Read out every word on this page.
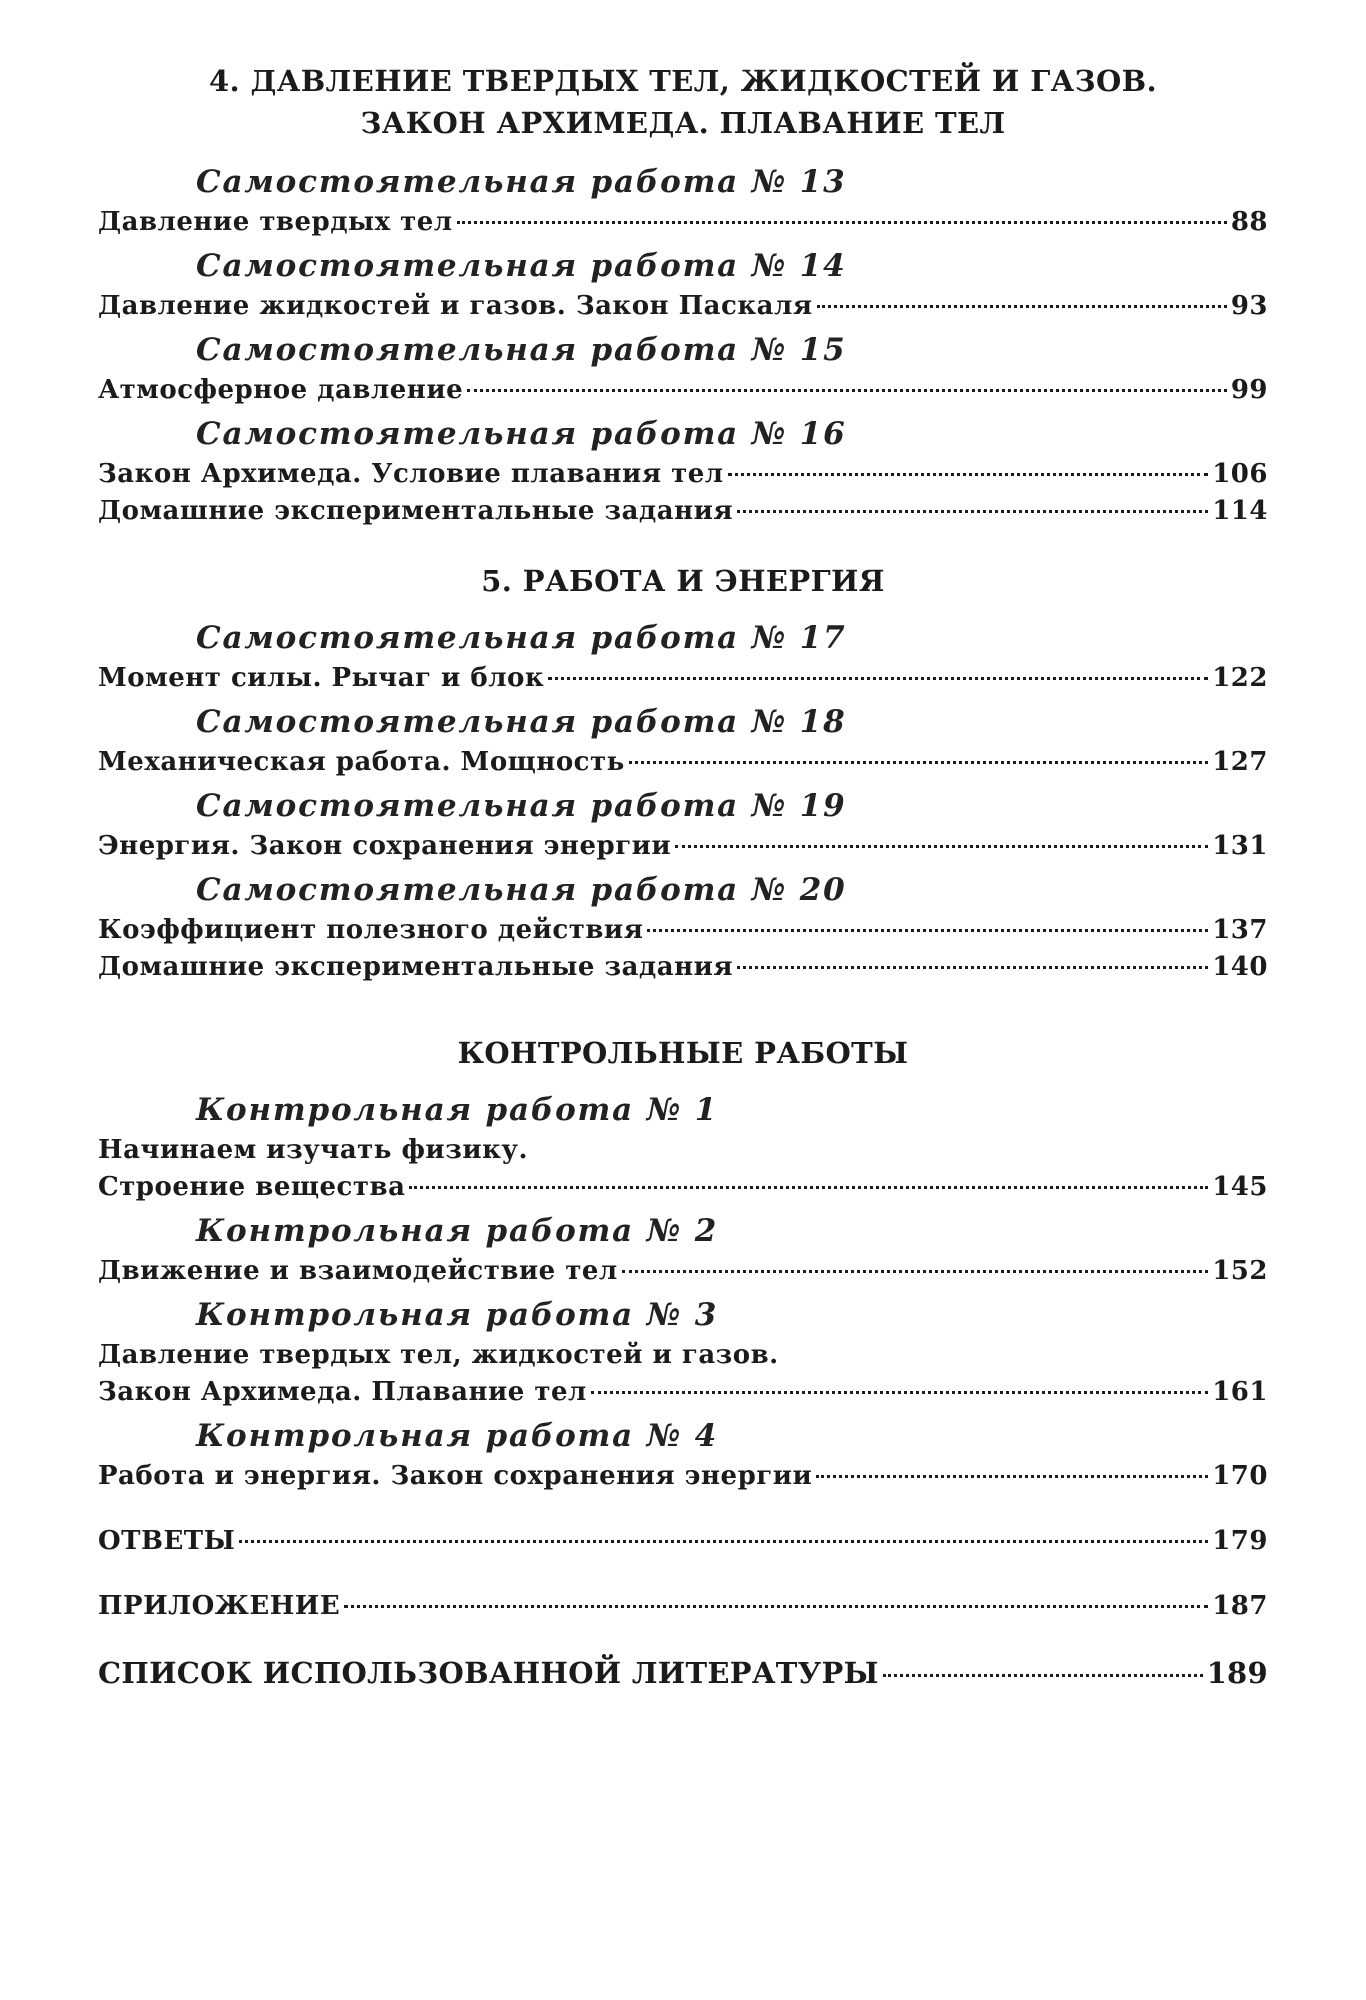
4. ДАВЛЕНИЕ ТВЕРДЫХ ТЕЛ, ЖИДКОСТЕЙ И ГАЗОВ.
ЗАКОН АРХИМЕДА. ПЛАВАНИЕ ТЕЛ
Самостоятельная работа № 13
Давление твердых тел	88
Самостоятельная работа № 14
Давление жидкостей и газов. Закон Паскаля	93
Самостоятельная работа № 15
Атмосферное давление	99
Самостоятельная работа № 16
Закон Архимеда. Условие плавания тел	106
Домашние экспериментальные задания	114
5. РАБОТА И ЭНЕРГИЯ
Самостоятельная работа № 17
Момент силы. Рычаг и блок	122
Самостоятельная работа № 18
Механическая работа. Мощность	127
Самостоятельная работа № 19
Энергия. Закон сохранения энергии	131
Самостоятельная работа № 20
Коэффициент полезного действия	137
Домашние экспериментальные задания	140
КОНТРОЛЬНЫЕ РАБОТЫ
Контрольная работа № 1
Начинаем изучать физику.
Строение вещества	145
Контрольная работа № 2
Движение и взаимодействие тел	152
Контрольная работа № 3
Давление твердых тел, жидкостей и газов.
Закон Архимеда. Плавание тел	161
Контрольная работа № 4
Работа и энергия. Закон сохранения энергии	170
ОТВЕТЫ	179
ПРИЛОЖЕНИЕ	187
СПИСОК ИСПОЛЬЗОВАННОЙ ЛИТЕРАТУРЫ	189
